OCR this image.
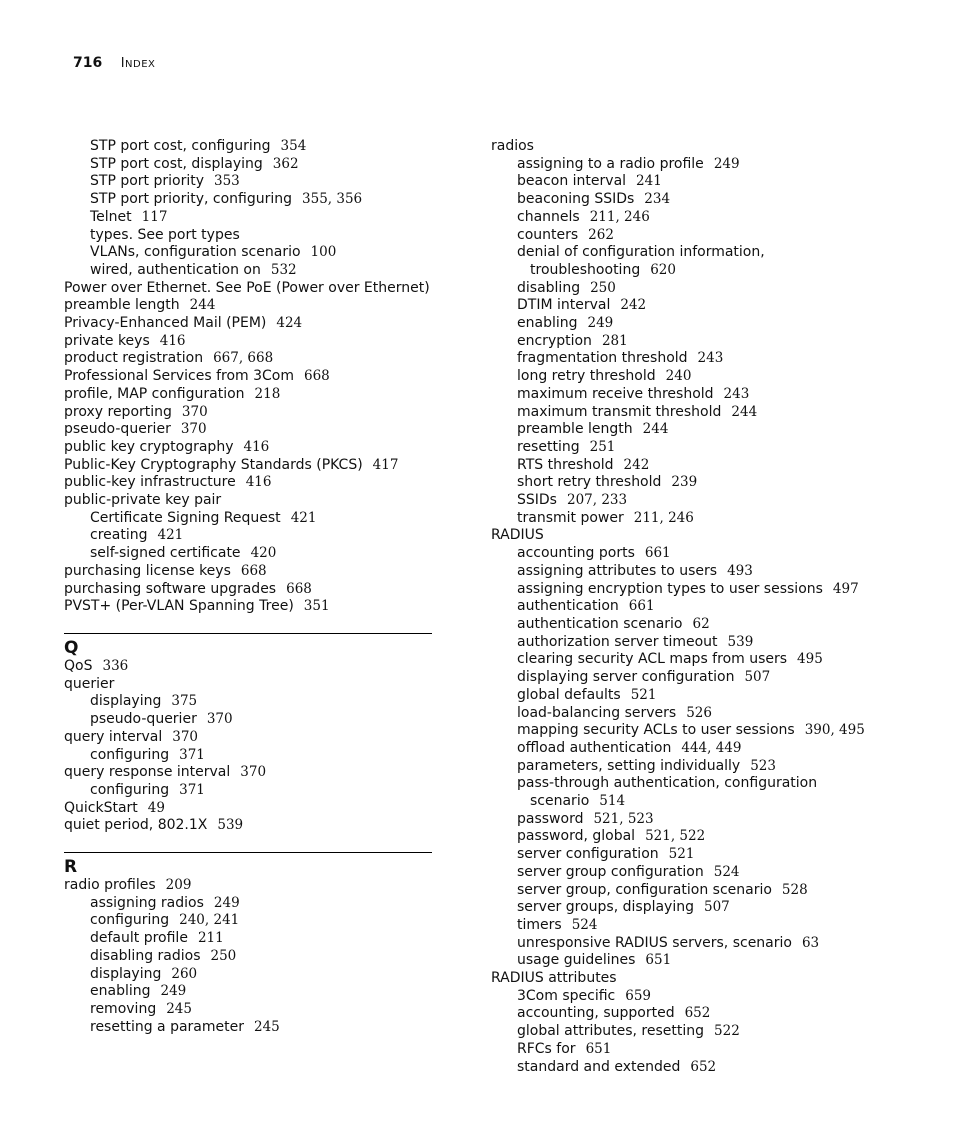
716 INDEX
STP port cost, configuring 354
STP port cost, displaying 362
STP port priority 353
STP port priority, configuring 355, 356
Telnet 117
types. See port types
VLANs, configuration scenario 100
wired, authentication on 532
Power over Ethernet. See PoE (Power over Ethernet)
preamble length 244
Privacy-Enhanced Mail (PEM) 424
private keys 416
product registration 667, 668
Professional Services from 3Com 668
profile, MAP configuration 218
proxy reporting 370
pseudo-querier 370
public key cryptography 416
Public-Key Cryptography Standards (PKCS) 417
public-key infrastructure 416
public-private key pair
Certificate Signing Request 421
creating 421
self-signed certificate 420
purchasing license keys 668
purchasing software upgrades 668
PVST+ (Per-VLAN Spanning Tree) 351
Q
QoS 336
querier
displaying 375
pseudo-querier 370
query interval 370
configuring 371
query response interval 370
configuring 371
QuickStart 49
quiet period, 802.1X 539
R
radio profiles 209
assigning radios 249
configuring 240, 241
default profile 211
disabling radios 250
displaying 260
enabling 249
removing 245
resetting a parameter 245
radios
assigning to a radio profile 249
beacon interval 241
beaconing SSIDs 234
channels 211, 246
counters 262
denial of configuration information,
troubleshooting 620
disabling 250
DTIM interval 242
enabling 249
encryption 281
fragmentation threshold 243
long retry threshold 240
maximum receive threshold 243
maximum transmit threshold 244
preamble length 244
resetting 251
RTS threshold 242
short retry threshold 239
SSIDs 207, 233
transmit power 211, 246
RADIUS
accounting ports 661
assigning attributes to users 493
assigning encryption types to user sessions 497
authentication 661
authentication scenario 62
authorization server timeout 539
clearing security ACL maps from users 495
displaying server configuration 507
global defaults 521
load-balancing servers 526
mapping security ACLs to user sessions 390, 495
offload authentication 444, 449
parameters, setting individually 523
pass-through authentication, configuration
scenario 514
password 521, 523
password, global 521, 522
server configuration 521
server group configuration 524
server group, configuration scenario 528
server groups, displaying 507
timers 524
unresponsive RADIUS servers, scenario 63
usage guidelines 651
RADIUS attributes
3Com specific 659
accounting, supported 652
global attributes, resetting 522
RFCs for 651
standard and extended 652
